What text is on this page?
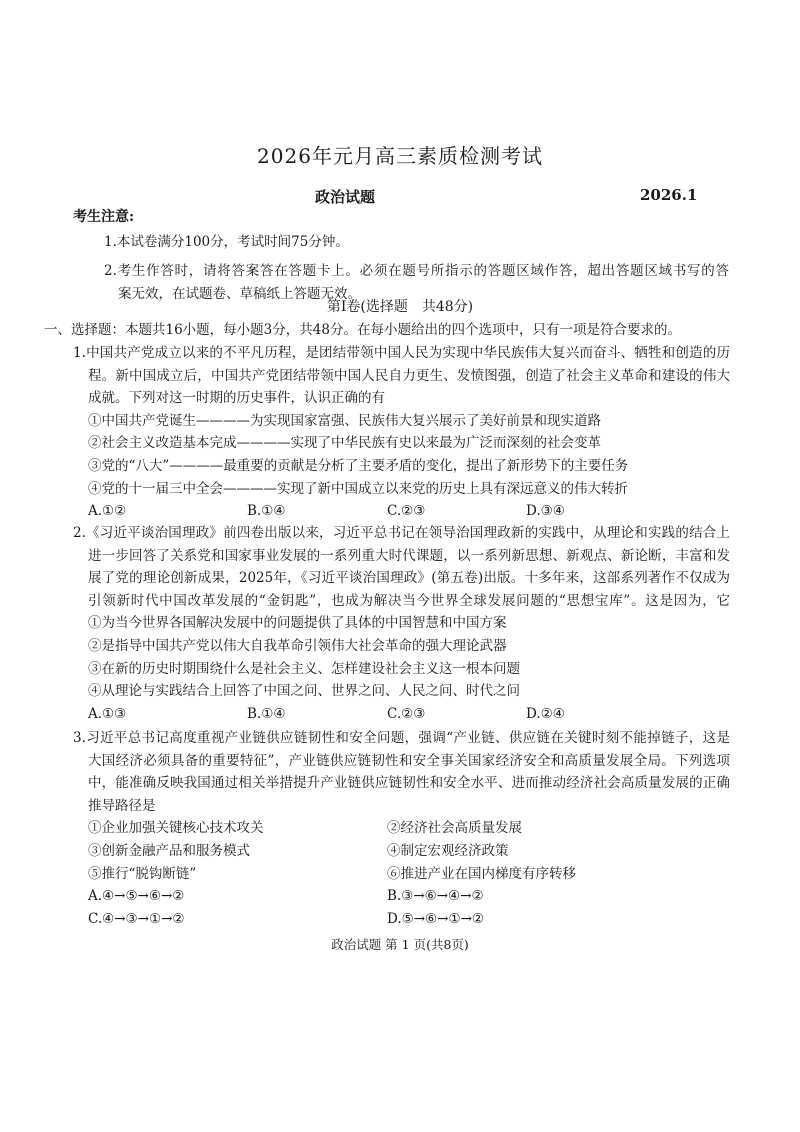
2026年元月高三素质检测考试
政治试题	2026.1
考生注意:
1.本试卷满分100分，考试时间75分钟。
2.考生作答时，请将答案答在答题卡上。必须在题号所指示的答题区域作答，超出答题区域书写的答
案无效，在试题卷、草稿纸上答题无效。
第Ⅰ卷(选择题　共48分)
一、选择题：本题共16小题，每小题3分，共48分。在每小题给出的四个选项中，只有一项是符合要求的。
1.中国共产党成立以来的不平凡历程，是团结带领中国人民为实现中华民族伟大复兴而奋斗、牺牲和创造的历
程。新中国成立后，中国共产党团结带领中国人民自力更生、发愤图强，创造了社会主义革命和建设的伟大
成就。下列对这一时期的历史事件，认识正确的有
①中国共产党诞生————为实现国家富强、民族伟大复兴展示了美好前景和现实道路
②社会主义改造基本完成————实现了中华民族有史以来最为广泛而深刻的社会变革
③党的“八大”————最重要的贡献是分析了主要矛盾的变化，提出了新形势下的主要任务
④党的十一届三中全会————实现了新中国成立以来党的历史上具有深远意义的伟大转折
A.①②	B.①④	C.②③	D.③④
2.《习近平谈治国理政》前四卷出版以来，习近平总书记在领导治国理政新的实践中，从理论和实践的结合上
进一步回答了关系党和国家事业发展的一系列重大时代课题，以一系列新思想、新观点、新论断，丰富和发
展了党的理论创新成果，2025年，《习近平谈治国理政》(第五卷)出版。十多年来，这部系列著作不仅成为
引领新时代中国改革发展的“金钥匙”，也成为解决当今世界全球发展问题的“思想宝库”。这是因为，它
①为当今世界各国解决发展中的问题提供了具体的中国智慧和中国方案
②是指导中国共产党以伟大自我革命引领伟大社会革命的强大理论武器
③在新的历史时期围绕什么是社会主义、怎样建设社会主义这一根本问题
④从理论与实践结合上回答了中国之问、世界之问、人民之问、时代之问
A.①③	B.①④	C.②③	D.②④
3.习近平总书记高度重视产业链供应链韧性和安全问题，强调“产业链、供应链在关键时刻不能掉链子，这是
大国经济必须具备的重要特征”，产业链供应链韧性和安全事关国家经济安全和高质量发展全局。下列选项
中，能准确反映我国通过相关举措提升产业链供应链韧性和安全水平、进而推动经济社会高质量发展的正确
推导路径是
①企业加强关键核心技术攻关	②经济社会高质量发展
③创新金融产品和服务模式	④制定宏观经济政策
⑤推行“脱钩断链”	⑥推进产业在国内梯度有序转移
A.④→⑤→⑥→②	B.③→⑥→④→②
C.④→③→①→②	D.⑤→⑥→①→②
政治试题 第 1 页(共8页)
